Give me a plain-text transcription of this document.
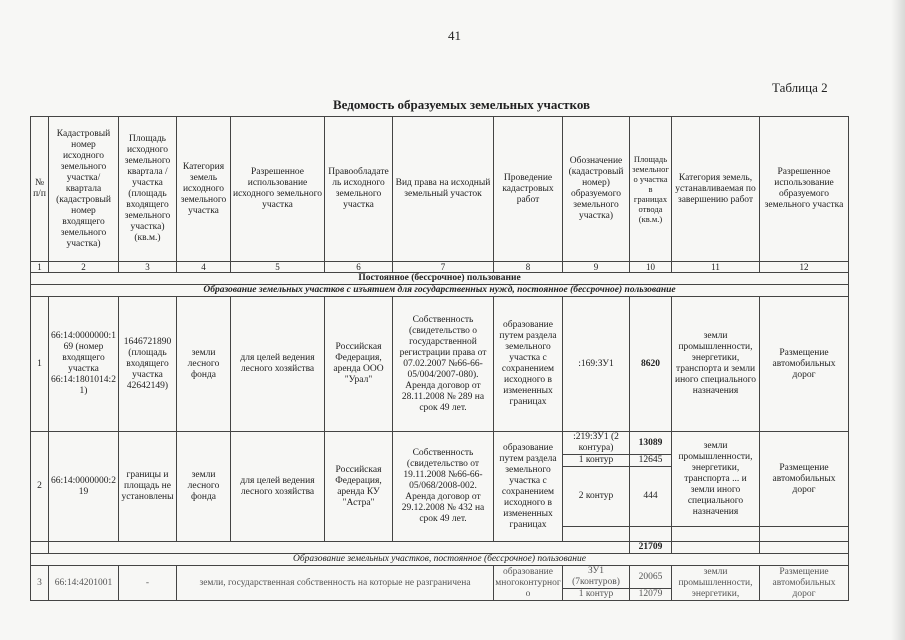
41
Таблица 2
Ведомость образуемых земельных участков
№ п/п	Кадастровый номер исходного земельного участка/квартала (кадастровый номер входящего земельного участка)	Площадь исходного земельного квартала /участка (площадь входящего земельного участка) (кв.м.)	Категория земель исходного земельного участка	Разрешенное использование исходного земельного участка	Правообладатель исходного земельного участка	Вид права на исходный земельный участок	Проведение кадастровых работ	Обозначение (кадастровый номер) образуемого земельного участка)	Площадь земельного участка в границах отвода (кв.м.)	Категория земель, устанавливаемая по завершению работ	Разрешенное использование образуемого земельного участка
1	2	3	4	5	6	7	8	9	10	11	12
Постоянное (бессрочное) пользование											
Образование земельных участков с изъятием для государственных нужд, постоянное (бессрочное) пользование											
1	66:14:0000000:169 (номер входящего участка 66:14:1801014:21)	1646721890 (площадь входящего участка 42642149)	земли лесного фонда	для целей ведения лесного хозяйства	Российская Федерация, аренда ООО "Урал"	Собственность (свидетельство о государственной регистрации права от 07.02.2007 №66-66-05/004/2007-080). Аренда договор от 28.11.2008 № 289 на срок 49 лет.	образование путем раздела земельного участка с сохранением исходного в измененных границах	:169:ЗУ1	8620	земли промышленности, энергетики, транспорта и земли иного специального назначения	Размещение автомобильных дорог
2	66:14:0000000:219	границы и площадь не установлены	земли лесного фонда	для целей ведения лесного хозяйства	Российская Федерация, аренда КУ "Астра"	Собственность (свидетельство от 19.11.2008 №66-66-05/068/2008-002. Аренда договор от 29.12.2008 № 432 на срок 49 лет.	образование путем раздела земельного участка с сохранением исходного в измененных границах	:219:ЗУ1 (2 контура)	13089	земли промышленности, энергетики, транспорта ... и земли иного специального назначения	Размещение автомобильных дорог
								1 контур	12645		
								2 контур	444		

									21709		
Образование земельных участков, постоянное (бессрочное) пользование											
3	66:14:4201001	-	земли, государственная собственность на которые не разграничена				образование многоконтурного	ЗУ1 (7контуров)	20065	земли промышленности, энергетики,	Размещение автомобильных дорог
								1 контур	12079		
